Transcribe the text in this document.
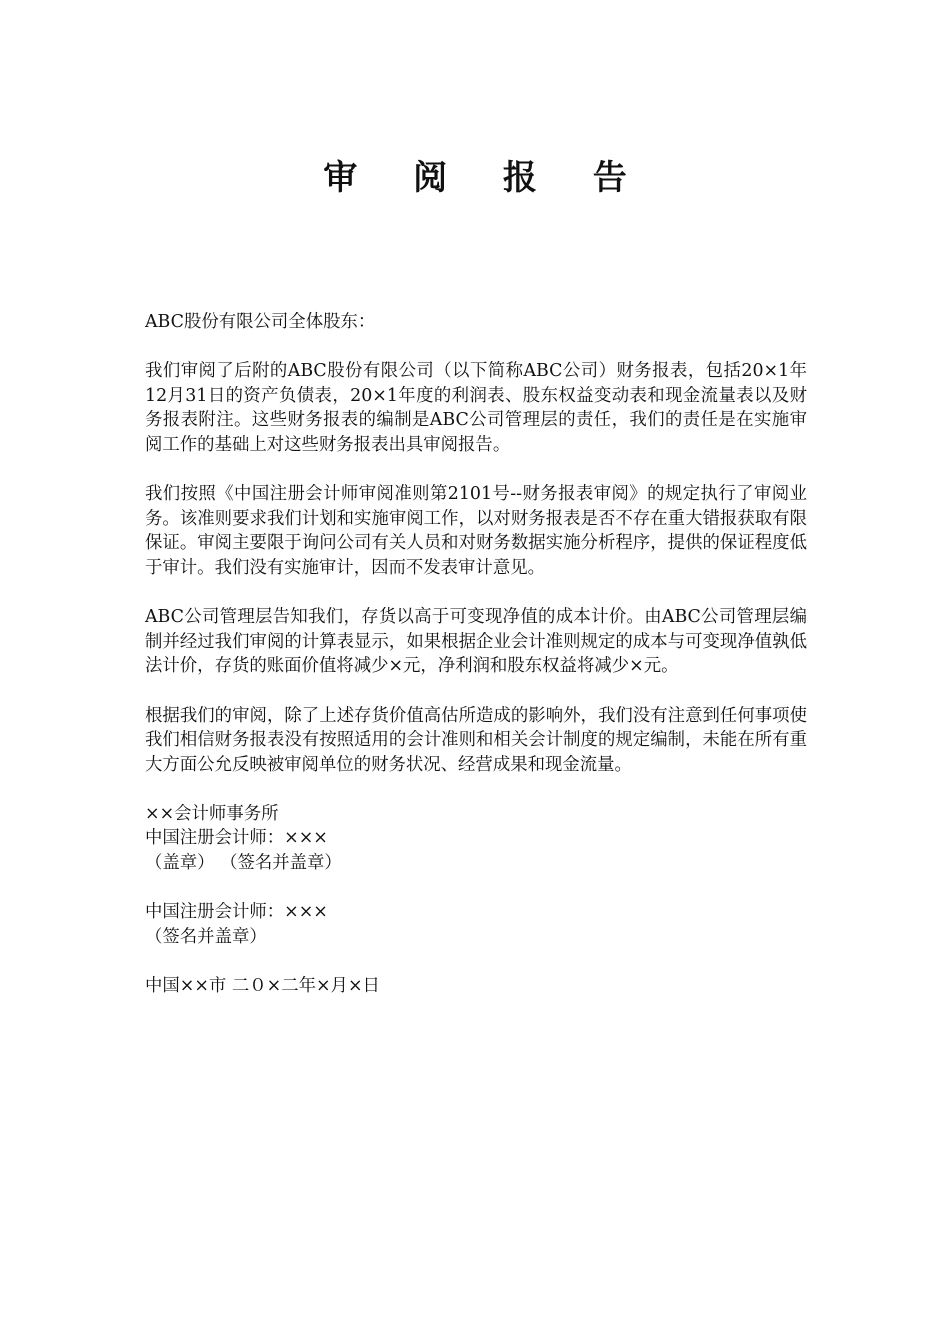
审 阅 报 告

ABC股份有限公司全体股东：

我们审阅了后附的ABC股份有限公司（以下简称ABC公司）财务报表，包括20×1年12月31日的资产负债表，20×1年度的利润表、股东权益变动表和现金流量表以及财务报表附注。这些财务报表的编制是ABC公司管理层的责任，我们的责任是在实施审阅工作的基础上对这些财务报表出具审阅报告。

我们按照《中国注册会计师审阅准则第2101号--财务报表审阅》的规定执行了审阅业务。该准则要求我们计划和实施审阅工作，以对财务报表是否不存在重大错报获取有限保证。审阅主要限于询问公司有关人员和对财务数据实施分析程序，提供的保证程度低于审计。我们没有实施审计，因而不发表审计意见。

ABC公司管理层告知我们，存货以高于可变现净值的成本计价。由ABC公司管理层编制并经过我们审阅的计算表显示，如果根据企业会计准则规定的成本与可变现净值孰低法计价，存货的账面价值将减少×元，净利润和股东权益将减少×元。

根据我们的审阅，除了上述存货价值高估所造成的影响外，我们没有注意到任何事项使我们相信财务报表没有按照适用的会计准则和相关会计制度的规定编制，未能在所有重大方面公允反映被审阅单位的财务状况、经营成果和现金流量。

××会计师事务所

中国注册会计师：×××

（盖章） （签名并盖章）

中国注册会计师：×××

（签名并盖章）

中国××市 二０×二年×月×日
